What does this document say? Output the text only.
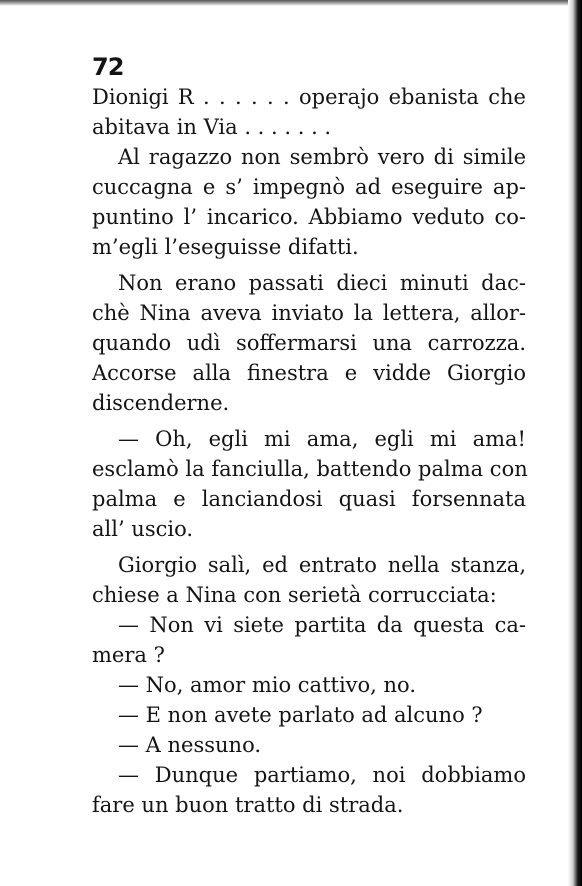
72
Dionigi R . . . . . . operajo ebanista che
abitava in Via . . . . . . .
Al ragazzo non sembrò vero di simile
cuccagna e s’ impegnò ad eseguire ap-
puntino l’ incarico. Abbiamo veduto co-
m’egli l’eseguisse difatti.
Non erano passati dieci minuti dac-
chè Nina aveva inviato la lettera, allor-
quando udì soffermarsi una carrozza.
Accorse alla finestra e vidde Giorgio
discenderne.
— Oh, egli mi ama, egli mi ama!
esclamò la fanciulla, battendo palma con
palma e lanciandosi quasi forsennata
all’ uscio.
Giorgio salì, ed entrato nella stanza,
chiese a Nina con serietà corrucciata:
— Non vi siete partita da questa ca-
mera ?
— No, amor mio cattivo, no.
— E non avete parlato ad alcuno ?
— A nessuno.
— Dunque partiamo, noi dobbiamo
fare un buon tratto di strada.
